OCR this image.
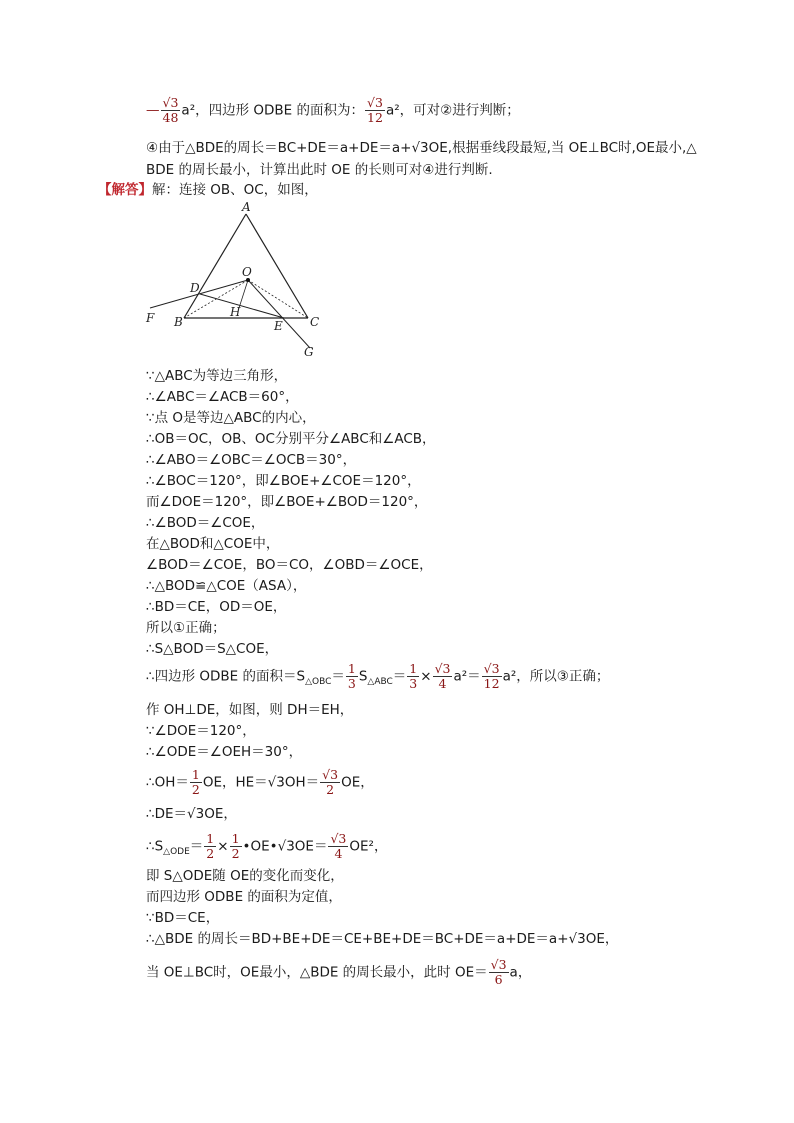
— $\frac{√3}{48} a^2$，四边形 ODBE 的面积为： $\frac{√3}{12} a^2$，可对②进行判断；
④由于△BDE的周长＝BC+DE＝a+DE＝a+√3OE,根据垂线段最短,当 OE⊥BC时,OE最小,△
BDE 的周长最小，计算出此时 OE 的长则可对④进行判断.
【解答】解：连接 OB、OC，如图，
A
O
D
F B
H
E C
G
∵△ABC为等边三角形，
∴∠ABC＝∠ACB＝60°，
∵点 O是等边△ABC的内心，
∴OB＝OC，OB、OC分别平分∠ABC和∠ACB，
∴∠ABO＝∠OBC＝∠OCB＝30°，
∴∠BOC＝120°，即∠BOE+∠COE＝120°，
而∠DOE＝120°，即∠BOE+∠BOD＝120°，
∴∠BOD＝∠COE，
在△BOD和△COE中，
∠BOD＝∠COE，BO＝CO，∠OBD＝∠OCE，
∴△BOD≌△COE（ASA），
∴BD＝CE，OD＝OE，
所以①正确；
∴S△BOD＝S△COE，
∴四边形 ODBE 的面积$=S_{\triangle OBC}= \frac{1}{3} S_{\triangle ABC}= \frac{1}{3} \times \frac{√3}{4} a^2= \frac{√3}{12} a^2$，所以③正确；
作 OH⊥DE，如图，则 DH＝EH，
∵∠DOE＝120°，
∴∠ODE＝∠OEH＝30°，
∴OH＝ $\frac{1}{2}$ OE，$HE=√3OH= \frac{√3}{2}$ OE，
∴DE＝√3OE，
$\therefore S_{\triangle ODE}= \frac{1}{2} \times \frac{1}{2}$ •OE•√3OE＝ $\frac{√3}{4} OE^2$，
即 S△ODE随 OE的变化而变化，
而四边形 ODBE 的面积为定值，
∵BD＝CE，
∴△BDE 的周长＝BD+BE+DE＝CE+BE+DE＝BC+DE＝a+DE＝a+√3OE，
当 OE⊥BC时，OE最小，△BDE 的周长最小，此时 $OE= \frac{√3}{6}$ a，
